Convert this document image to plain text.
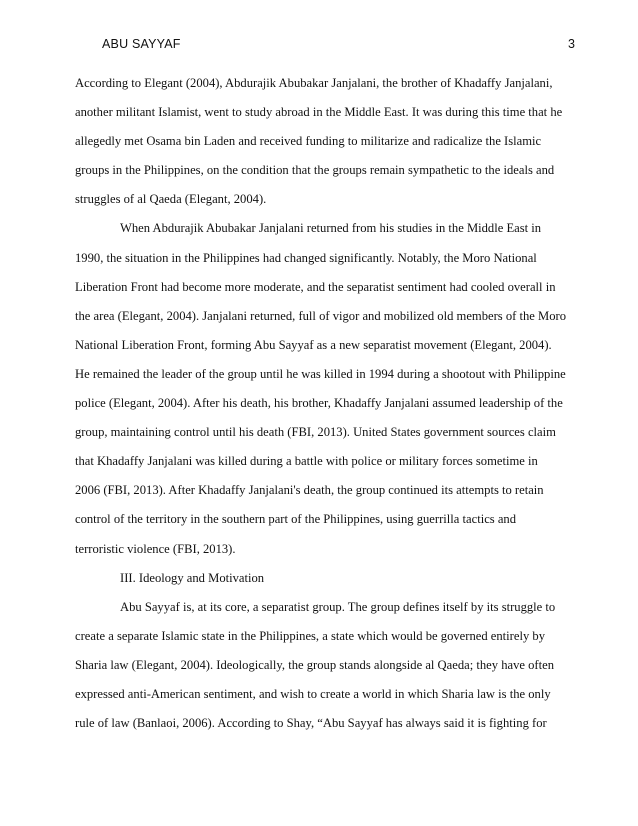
ABU SAYYAF	3

According to Elegant (2004), Abdurajik Abubakar Janjalani, the brother of Khadaffy Janjalani,
another militant Islamist, went to study abroad in the Middle East. It was during this time that he
allegedly met Osama bin Laden and received funding to militarize and radicalize the Islamic
groups in the Philippines, on the condition that the groups remain sympathetic to the ideals and
struggles of al Qaeda (Elegant, 2004).

When Abdurajik Abubakar Janjalani returned from his studies in the Middle East in
1990, the situation in the Philippines had changed significantly. Notably, the Moro National
Liberation Front had become more moderate, and the separatist sentiment had cooled overall in
the area (Elegant, 2004). Janjalani returned, full of vigor and mobilized old members of the Moro
National Liberation Front, forming Abu Sayyaf as a new separatist movement (Elegant, 2004).
He remained the leader of the group until he was killed in 1994 during a shootout with Philippine
police (Elegant, 2004). After his death, his brother, Khadaffy Janjalani assumed leadership of the
group, maintaining control until his death (FBI, 2013). United States government sources claim
that Khadaffy Janjalani was killed during a battle with police or military forces sometime in
2006 (FBI, 2013). After Khadaffy Janjalani's death, the group continued its attempts to retain
control of the territory in the southern part of the Philippines, using guerrilla tactics and
terroristic violence (FBI, 2013).

III. Ideology and Motivation

Abu Sayyaf is, at its core, a separatist group. The group defines itself by its struggle to
create a separate Islamic state in the Philippines, a state which would be governed entirely by
Sharia law (Elegant, 2004). Ideologically, the group stands alongside al Qaeda; they have often
expressed anti-American sentiment, and wish to create a world in which Sharia law is the only
rule of law (Banlaoi, 2006). According to Shay, “Abu Sayyaf has always said it is fighting for
